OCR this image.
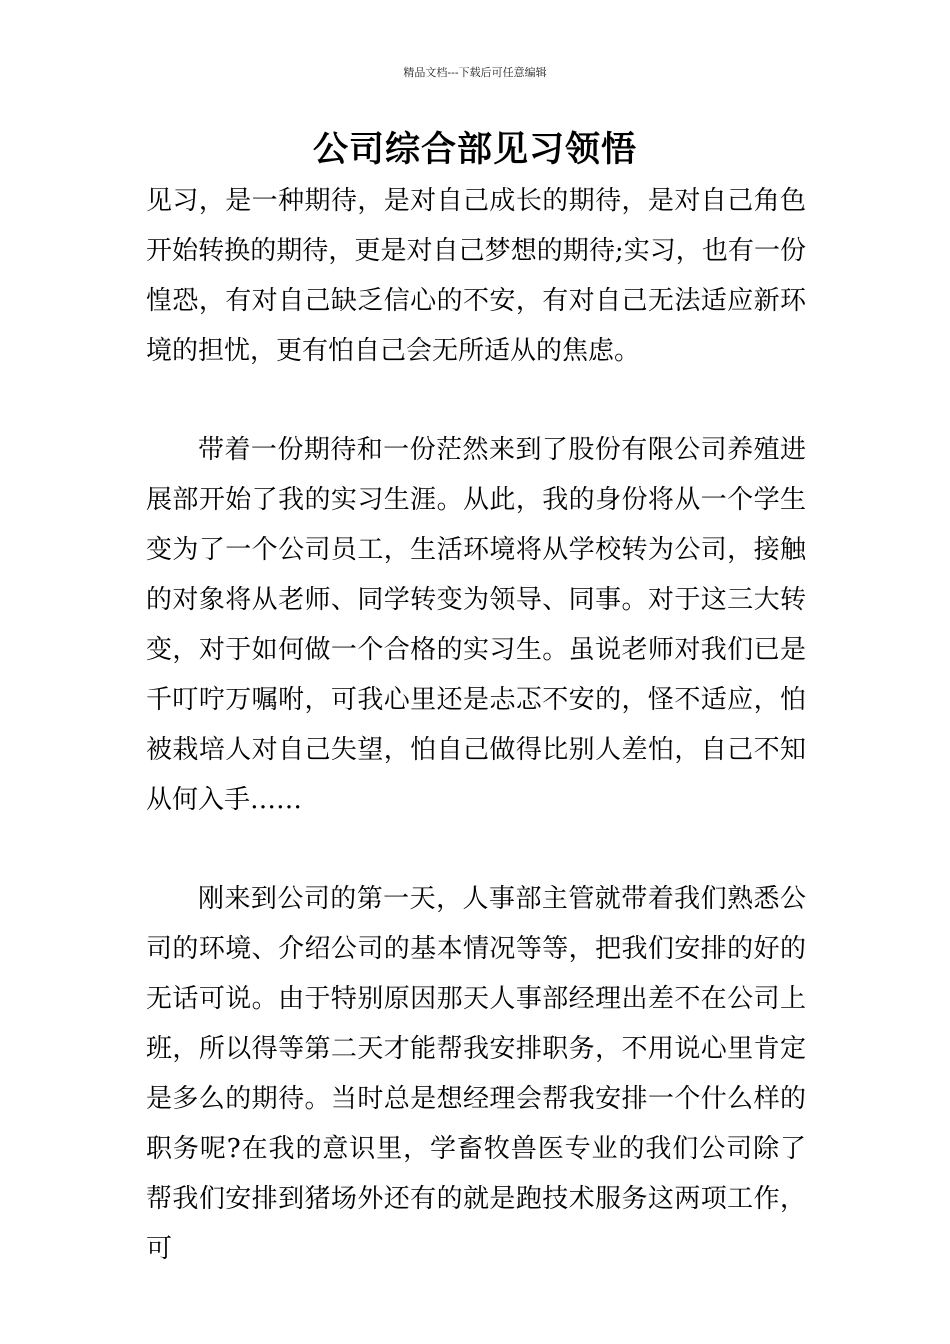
精品文档---下载后可任意编辑
公司综合部见习领悟

见习，是一种期待，是对自己成长的期待，是对自己角色开始转换的期待，更是对自己梦想的期待;实习，也有一份惶恐，有对自己缺乏信心的不安，有对自己无法适应新环境的担忧，更有怕自己会无所适从的焦虑。

带着一份期待和一份茫然来到了股份有限公司养殖进展部开始了我的实习生涯。从此，我的身份将从一个学生变为了一个公司员工，生活环境将从学校转为公司，接触的对象将从老师、同学转变为领导、同事。对于这三大转变，对于如何做一个合格的实习生。虽说老师对我们已是千叮咛万嘱咐，可我心里还是忐忑不安的，怪不适应，怕被栽培人对自己失望，怕自己做得比别人差怕，自己不知从何入手……

刚来到公司的第一天，人事部主管就带着我们熟悉公司的环境、介绍公司的基本情况等等，把我们安排的好的无话可说。由于特别原因那天人事部经理出差不在公司上班，所以得等第二天才能帮我安排职务，不用说心里肯定是多么的期待。当时总是想经理会帮我安排一个什么样的职务呢?在我的意识里，学畜牧兽医专业的我们公司除了帮我们安排到猪场外还有的就是跑技术服务这两项工作，可
